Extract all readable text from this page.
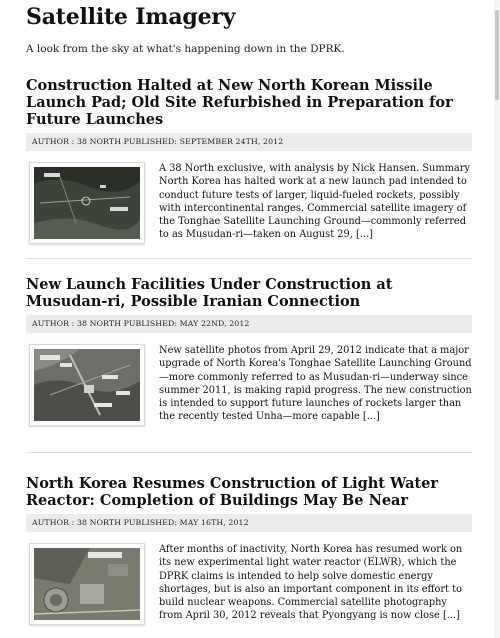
Satellite Imagery
A look from the sky at what's happening down in the DPRK.
Construction Halted at New North Korean Missile Launch Pad; Old Site Refurbished in Preparation for Future Launches
AUTHOR : 38 NORTH PUBLISHED: SEPTEMBER 24TH, 2012

A 38 North exclusive, with analysis by Nick Hansen. Summary North Korea has halted work at a new launch pad intended to conduct future tests of larger, liquid-fueled rockets, possibly with intercontinental ranges. Commercial satellite imagery of the Tonghae Satellite Launching Ground—commonly referred to as Musudan-ri—taken on August 29, [...]

New Launch Facilities Under Construction at Musudan-ri, Possible Iranian Connection
AUTHOR : 38 NORTH PUBLISHED: MAY 22ND, 2012

New satellite photos from April 29, 2012 indicate that a major upgrade of North Korea's Tonghae Satellite Launching Ground—more commonly referred to as Musudan-ri—underway since summer 2011, is making rapid progress. The new construction is intended to support future launches of rockets larger than the recently tested Unha—more capable [...]

North Korea Resumes Construction of Light Water Reactor: Completion of Buildings May Be Near
AUTHOR : 38 NORTH PUBLISHED: MAY 16TH, 2012

After months of inactivity, North Korea has resumed work on its new experimental light water reactor (ELWR), which the DPRK claims is intended to help solve domestic energy shortages, but is also an important component in its effort to build nuclear weapons. Commercial satellite photography from April 30, 2012 reveals that Pyongyang is now close [...]
